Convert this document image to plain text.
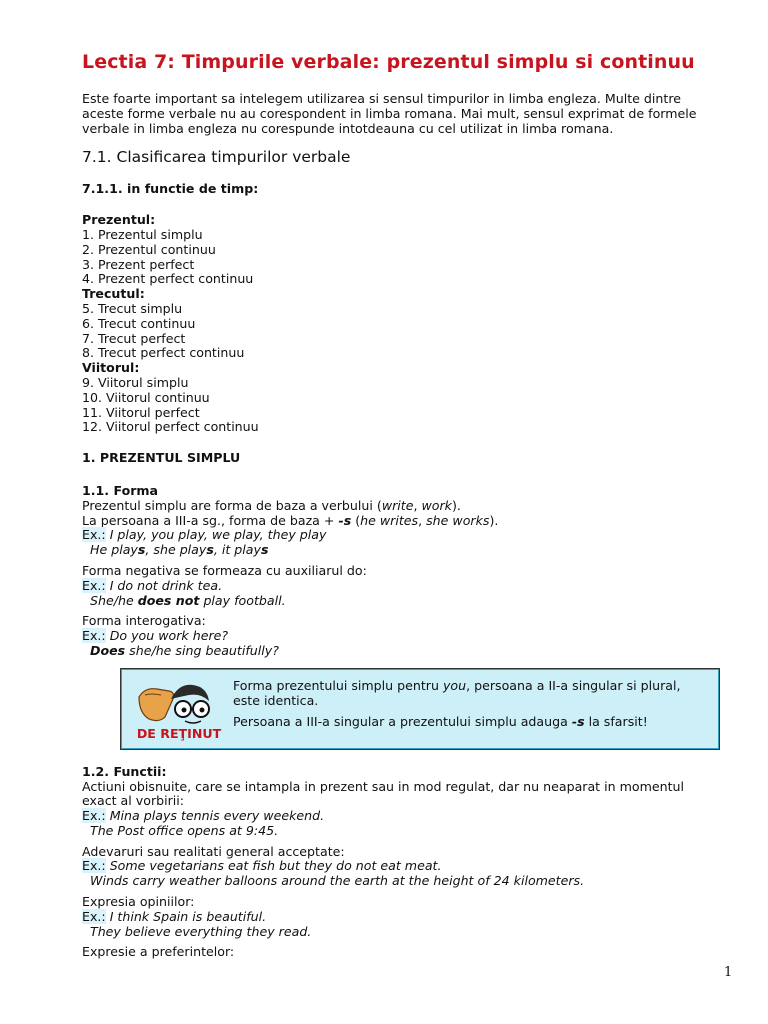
Lectia 7: Timpurile verbale: prezentul simplu si continuu

Este foarte important sa intelegem utilizarea si sensul timpurilor in limba engleza. Multe dintre aceste forme verbale nu au corespondent in limba romana. Mai mult, sensul exprimat de formele verbale in limba engleza nu corespunde intotdeauna cu cel utilizat in limba romana.

7.1. Clasificarea timpurilor verbale
7.1.1. in functie de timp:
Prezentul:
1. Prezentul simplu
2. Prezentul continuu
3. Prezent perfect
4. Prezent perfect continuu
Trecutul:
5. Trecut simplu
6. Trecut continuu
7. Trecut perfect
8. Trecut perfect continuu
Viitorul:
9. Viitorul simplu
10. Viitorul continuu
11. Viitorul perfect
12. Viitorul perfect continuu
1. PREZENTUL SIMPLU
1.1. Forma
Prezentul simplu are forma de baza a verbului (write, work).
La persoana a III-a sg., forma de baza + -s (he writes, she works).
Ex.: I play, you play, we play, they play
He plays, she plays, it plays
Forma negativa se formeaza cu auxiliarul do:
Ex.: I do not drink tea.
She/he does not play football.
Forma interogativa:
Ex.: Do you work here?
Does she/he sing beautifully?
1.2. Functii:
Actiuni obisnuite, care se intampla in prezent sau in mod regulat, dar nu neaparat in momentul exact al vorbirii:
Ex.: Mina plays tennis every weekend.
The Post office opens at 9:45.
Adevaruri sau realitati general acceptate:
Ex.: Some vegetarians eat fish but they do not eat meat.
Winds carry weather balloons around the earth at the height of 24 kilometers.
Expresia opiniilor:
Ex.: I think Spain is beautiful.
They believe everything they read.
Expresie a preferintelor:
DE REŢINUT

Forma prezentului simplu pentru you, persoana a II-a singular si plural, este identica.

Persoana a III-a singular a prezentului simplu adauga -s la sfarsit!

1
